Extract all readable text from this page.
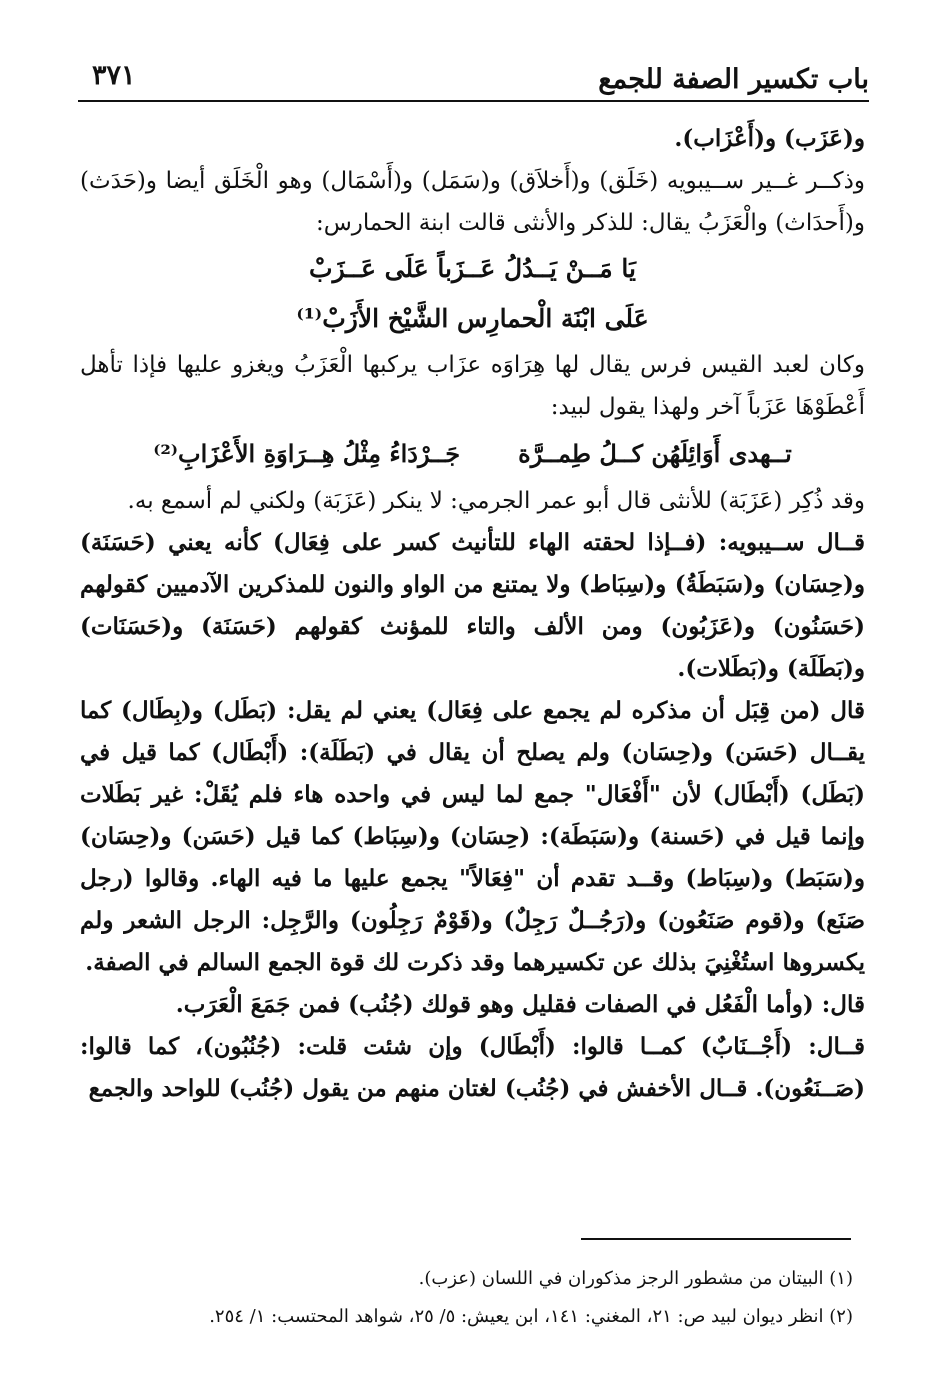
باب تكسير الصفة للجمع
٣٧١

و(عَزَب) و(أَعْزَاب).

وذكــر غــير ســيبويه (خَلَق) و(أَخلاَق) و(سَمَل) و(أَسْمَال) وهو الْخَلَق أيضا و(حَدَث) و(أَحدَاث) والْعَزَبُ يقال: للذكر والأنثى قالت ابنة الحمارس:

يَا مَــنْ يَــدُلُ عَــزَباً عَلَى عَــزَبْ

عَلَى ابْنَة الْحمارِس الشَّيْخ الأَزَبْ⁽¹⁾

وكان لعبد القيس فرس يقال لها هِرَاوَه عزَاب يركبها الْعَزَبُ ويغزو عليها فإذا تأهل أَعْطَوْهَا عَزَباً آخر ولهذا يقول لبيد:

تــهدى أَوَائِلَهُن كــلُ طِمــرَّة
جَــرْدَاءُ مِثْلُ هِــرَاوَةِ الأَعْزَابِ⁽²⁾

وقد ذُكِر (عَزَبَة) للأنثى قال أبو عمر الجرمي: لا ينكر (عَزَبَة) ولكني لم أسمع به.

قــال ســيبويه: (فــإذا لحقته الهاء للتأنيث كسر على فِعَال) كأنه يعني (حَسَنَة) و(حِسَان) و(سَبَطَةُ) و(سِبَاط) ولا يمتنع من الواو والنون للمذكرين الآدميين كقولهم (حَسَنُون) و(عَزَبُون) ومن الألف والتاء للمؤنث كقولهم (حَسَنَة) و(حَسَنَات) و(بَطَلَة) و(بَطَلات).

قال (من قِبَل أن مذكره لم يجمع على فِعَال) يعني لم يقل: (بَطَل) و(بِطَال) كما يقــال (حَسَن) و(حِسَان) ولم يصلح أن يقال في (بَطَلَة): (أَبْطَال) كما قيل في (بَطَل) (أَبْطَال) لأن "أَفْعَال" جمع لما ليس في واحده هاء فلم يُقَلْ: غير بَطَلات وإنما قيل في (حَسنة) و(سَبَطَة): (حِسَان) و(سِبَاط) كما قيل (حَسَن) و(حِسَان) و(سَبَط) و(سِبَاط) وقــد تقدم أن "فِعَالاً" يجمع عليها ما فيه الهاء. وقالوا (رجل صَنَع) و(قوم صَنَعُون) و(رَجُــلٌ رَجِلٌ) و(قَوْمٌ رَجِلُون) والرَّجِل: الرجل الشعر ولم يكسروها استُغْنِيَ بذلك عن تكسيرهما وقد ذكرت لك قوة الجمع السالم في الصفة.

قال: (وأما الْفَعُل في الصفات فقليل وهو قولك (جُنُب) فمن جَمَعَ الْعَرَب.

قــال: (أَجْــنَابٌ) كمــا قالوا: (أَبْطَال) وإن شئت قلت: (جُنُبُون)، كما قالوا: (صَــنَعُون). قــال الأخفش في (جُنُب) لغتان منهم من يقول (جُنُب) للواحد والجمع

(١) البيتان من مشطور الرجز مذكوران في اللسان (عزب).

(٢) انظر ديوان لبيد ص: ٢١، المغني: ١٤١، ابن يعيش: ٥/ ٢٥، شواهد المحتسب: ١/ ٢٥٤.
